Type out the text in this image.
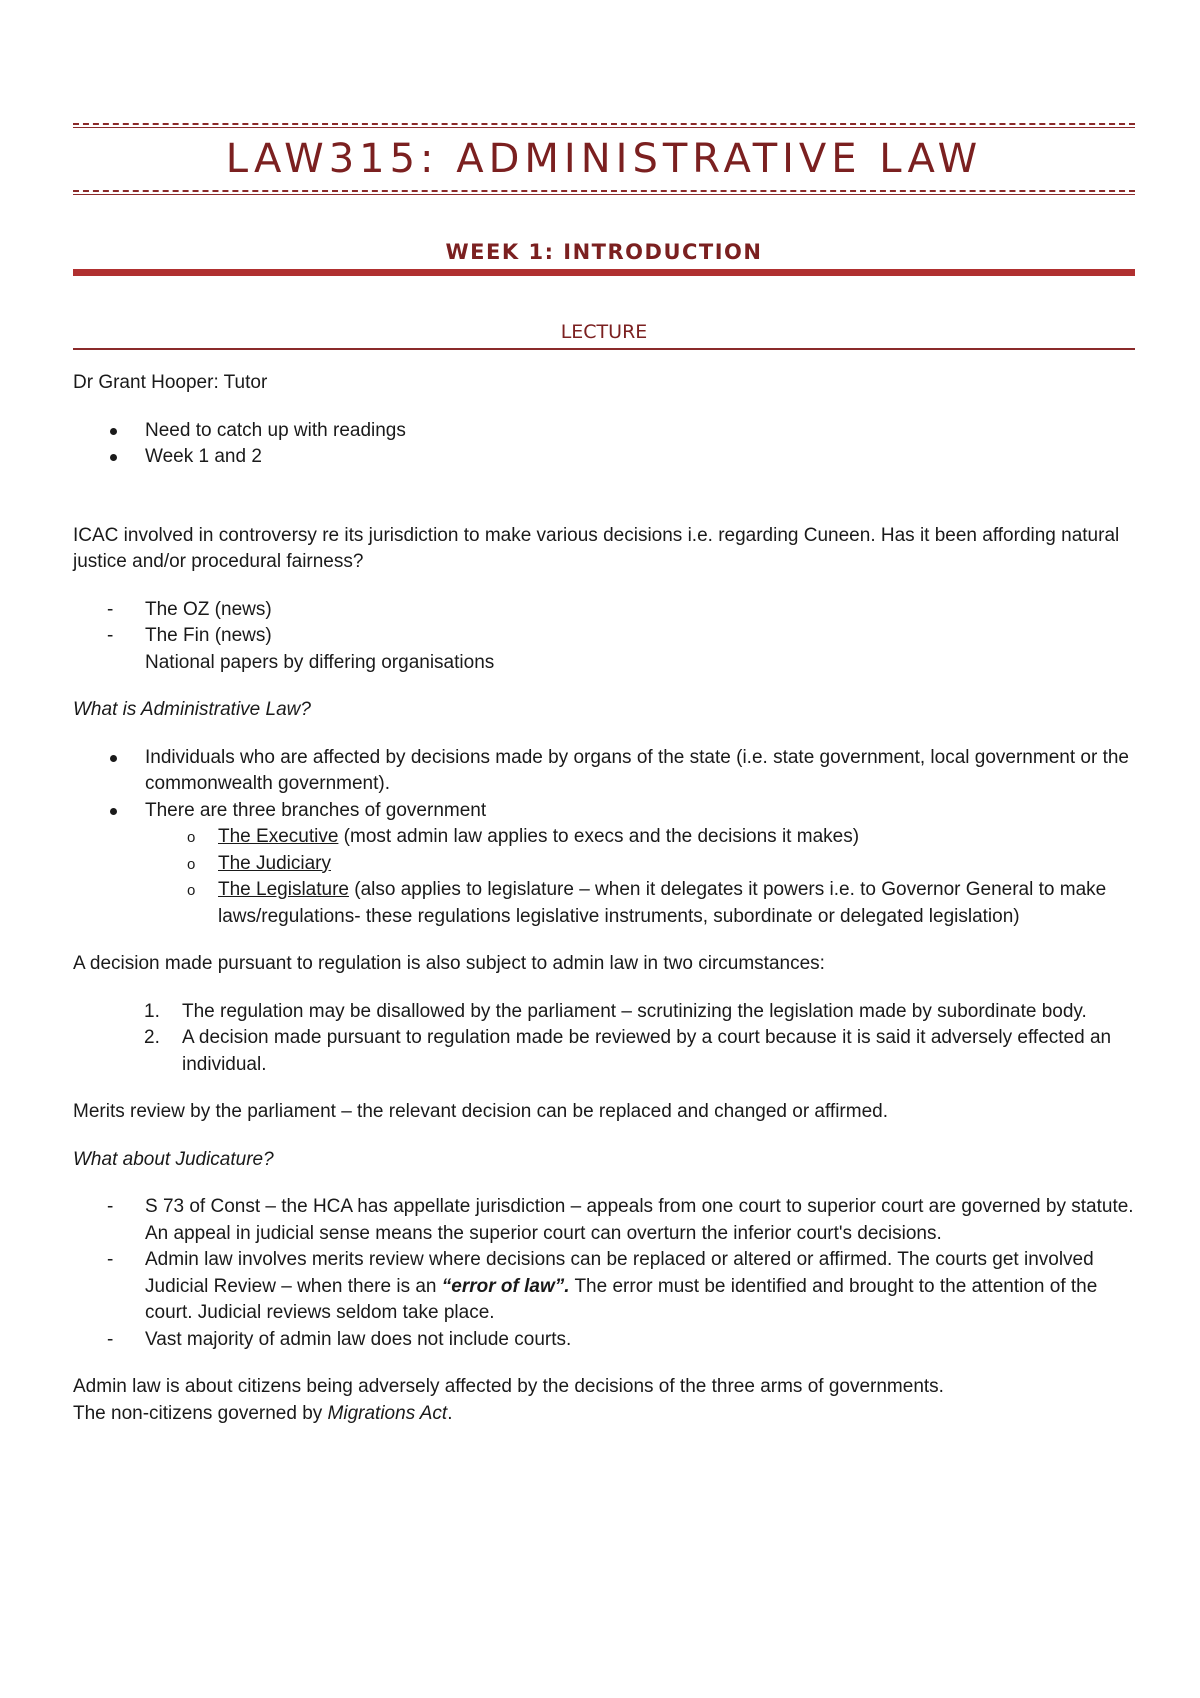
LAW315: ADMINISTRATIVE LAW
WEEK 1: INTRODUCTION
LECTURE

Dr Grant Hooper: Tutor

Need to catch up with readings
Week 1 and 2

ICAC involved in controversy re its jurisdiction to make various decisions i.e. regarding Cuneen. Has it been affording natural justice and/or procedural fairness?

- The OZ (news)
- The Fin (news)
National papers by differing organisations

What is Administrative Law?

Individuals who are affected by decisions made by organs of the state (i.e. state government, local government or the commonwealth government).
There are three branches of government
o The Executive (most admin law applies to execs and the decisions it makes)
o The Judiciary
o The Legislature (also applies to legislature – when it delegates it powers i.e. to Governor General to make laws/regulations- these regulations legislative instruments, subordinate or delegated legislation)

A decision made pursuant to regulation is also subject to admin law in two circumstances:

1. The regulation may be disallowed by the parliament – scrutinizing the legislation made by subordinate body.
2. A decision made pursuant to regulation made be reviewed by a court because it is said it adversely effected an individual.

Merits review by the parliament – the relevant decision can be replaced and changed or affirmed.

What about Judicature?

- S 73 of Const – the HCA has appellate jurisdiction – appeals from one court to superior court are governed by statute. An appeal in judicial sense means the superior court can overturn the inferior court's decisions.
- Admin law involves merits review where decisions can be replaced or altered or affirmed. The courts get involved Judicial Review – when there is an “error of law”. The error must be identified and brought to the attention of the court. Judicial reviews seldom take place.
- Vast majority of admin law does not include courts.

Admin law is about citizens being adversely affected by the decisions of the three arms of governments.
The non-citizens governed by Migrations Act.
